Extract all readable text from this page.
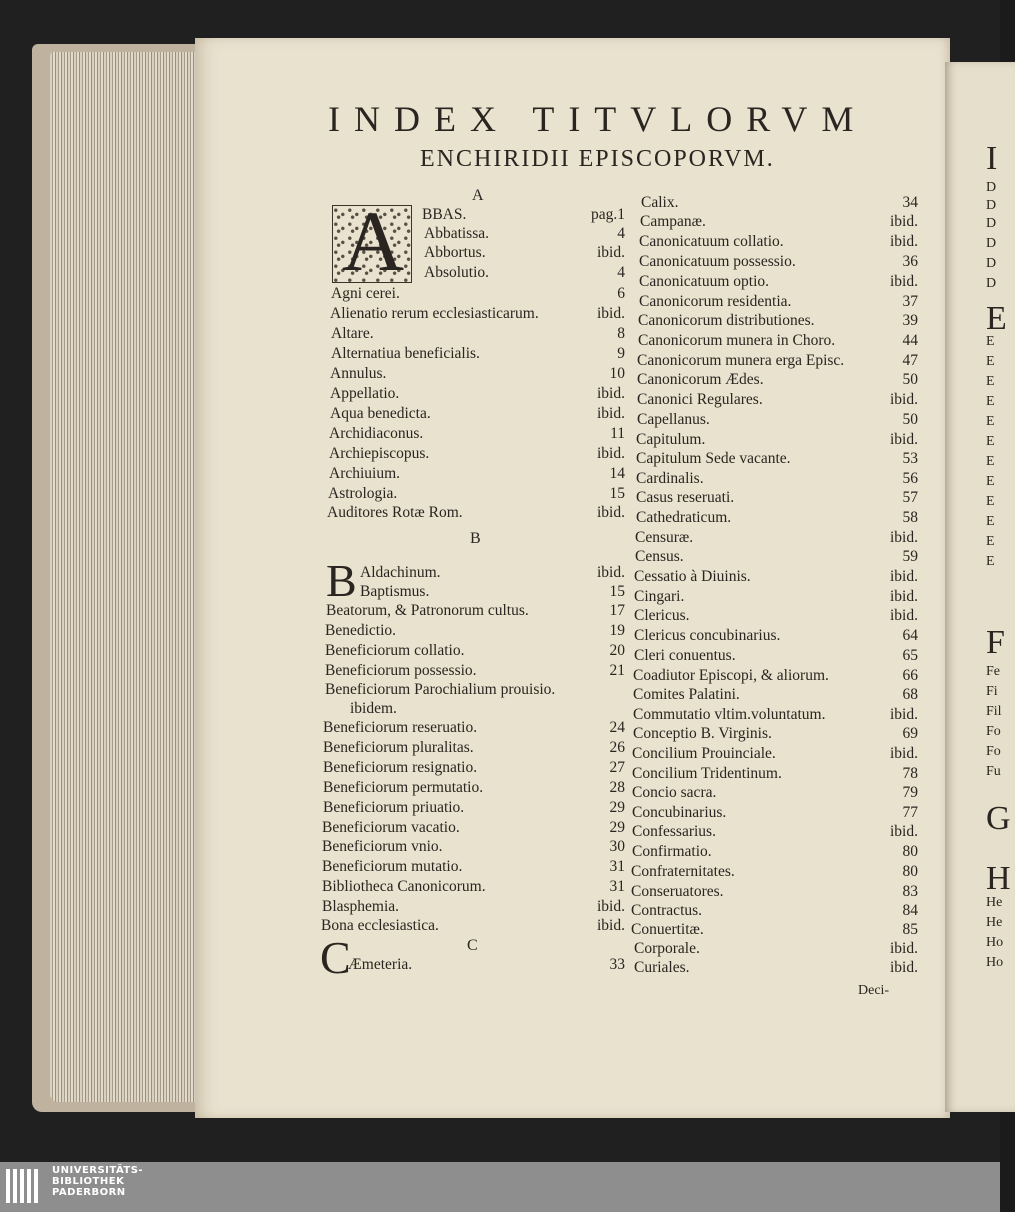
INDEX TITVLORVM
ENCHIRIDII EPISCOPORVM.
A
B
C
A
B
C
BBAS.	pag.1
Abbatissa.	4
Abbortus.	ibid.
Absolutio.	4
Agni cerei.	6
Alienatio rerum ecclesiasticarum.	ibid.
Altare.	8
Alternatiua beneficialis.	9
Annulus.	10
Appellatio.	ibid.
Aqua benedicta.	ibid.
Archidiaconus.	11
Archiepiscopus.	ibid.
Archiuium.	14
Astrologia.	15
Auditores Rotæ Rom.	ibid.
Aldachinum.	ibid.
Baptismus.	15
Beatorum, & Patronorum cultus.	17
Benedictio.	19
Beneficiorum collatio.	20
Beneficiorum possessio.	21
Beneficiorum Parochialium prouisio.
ibidem.
Beneficiorum reseruatio.	24
Beneficiorum pluralitas.	26
Beneficiorum resignatio.	27
Beneficiorum permutatio.	28
Beneficiorum priuatio.	29
Beneficiorum vacatio.	29
Beneficiorum vnio.	30
Beneficiorum mutatio.	31
Bibliotheca Canonicorum.	31
Blasphemia.	ibid.
Bona ecclesiastica.	ibid.
Æmeteria.	33
Calix.	34
Campanæ.	ibid.
Canonicatuum collatio.	ibid.
Canonicatuum possessio.	36
Canonicatuum optio.	ibid.
Canonicorum residentia.	37
Canonicorum distributiones.	39
Canonicorum munera in Choro.	44
Canonicorum munera erga Episc.	47
Canonicorum Ædes.	50
Canonici Regulares.	ibid.
Capellanus.	50
Capitulum.	ibid.
Capitulum Sede vacante.	53
Cardinalis.	56
Casus reseruati.	57
Cathedraticum.	58
Censuræ.	ibid.
Census.	59
Cessatio à Diuinis.	ibid.
Cingari.	ibid.
Clericus.	ibid.
Clericus concubinarius.	64
Cleri conuentus.	65
Coadiutor Episcopi, & aliorum.	66
Comites Palatini.	68
Commutatio vltim.voluntatum.	ibid.
Conceptio B. Virginis.	69
Concilium Prouinciale.	ibid.
Concilium Tridentinum.	78
Concio sacra.	79
Concubinarius.	77
Confessarius.	ibid.
Confirmatio.	80
Confraternitates.	80
Conseruatores.	83
Contractus.	84
Conuertitæ.	85
Corporale.	ibid.
Curiales.	ibid.
Deci-
I
D
D
D
D
D
D
E
E
E
E
E
E
E
E
E
E
E
E
E
F
Fe
Fi
Fil
Fo
Fo
Fu
G
H
He
He
Ho
Ho
UNIVERSITÄTS-
BIBLIOTHEK
PADERBORN
